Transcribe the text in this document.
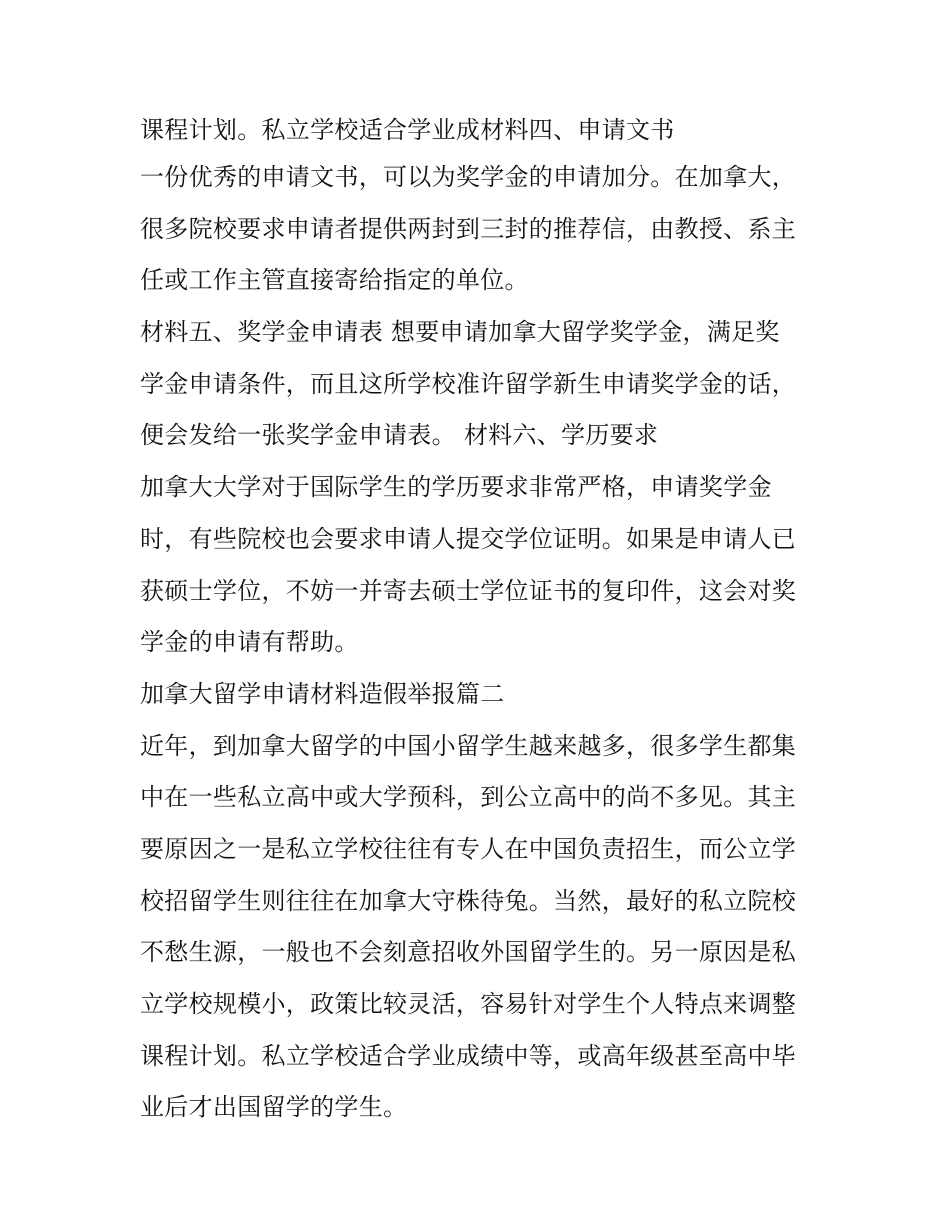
课程计划。私立学校适合学业成材料四、申请文书
一份优秀的申请文书，可以为奖学金的申请加分。在加拿大，
很多院校要求申请者提供两封到三封的推荐信，由教授、系主
任或工作主管直接寄给指定的单位。
材料五、奖学金申请表 想要申请加拿大留学奖学金，满足奖
学金申请条件，而且这所学校准许留学新生申请奖学金的话，
便会发给一张奖学金申请表。 材料六、学历要求
加拿大大学对于国际学生的学历要求非常严格，申请奖学金
时，有些院校也会要求申请人提交学位证明。如果是申请人已
获硕士学位，不妨一并寄去硕士学位证书的复印件，这会对奖
学金的申请有帮助。
加拿大留学申请材料造假举报篇二
近年，到加拿大留学的中国小留学生越来越多，很多学生都集
中在一些私立高中或大学预科，到公立高中的尚不多见。其主
要原因之一是私立学校往往有专人在中国负责招生，而公立学
校招留学生则往往在加拿大守株待兔。当然，最好的私立院校
不愁生源，一般也不会刻意招收外国留学生的。另一原因是私
立学校规模小，政策比较灵活，容易针对学生个人特点来调整
课程计划。私立学校适合学业成绩中等，或高年级甚至高中毕
业后才出国留学的学生。
